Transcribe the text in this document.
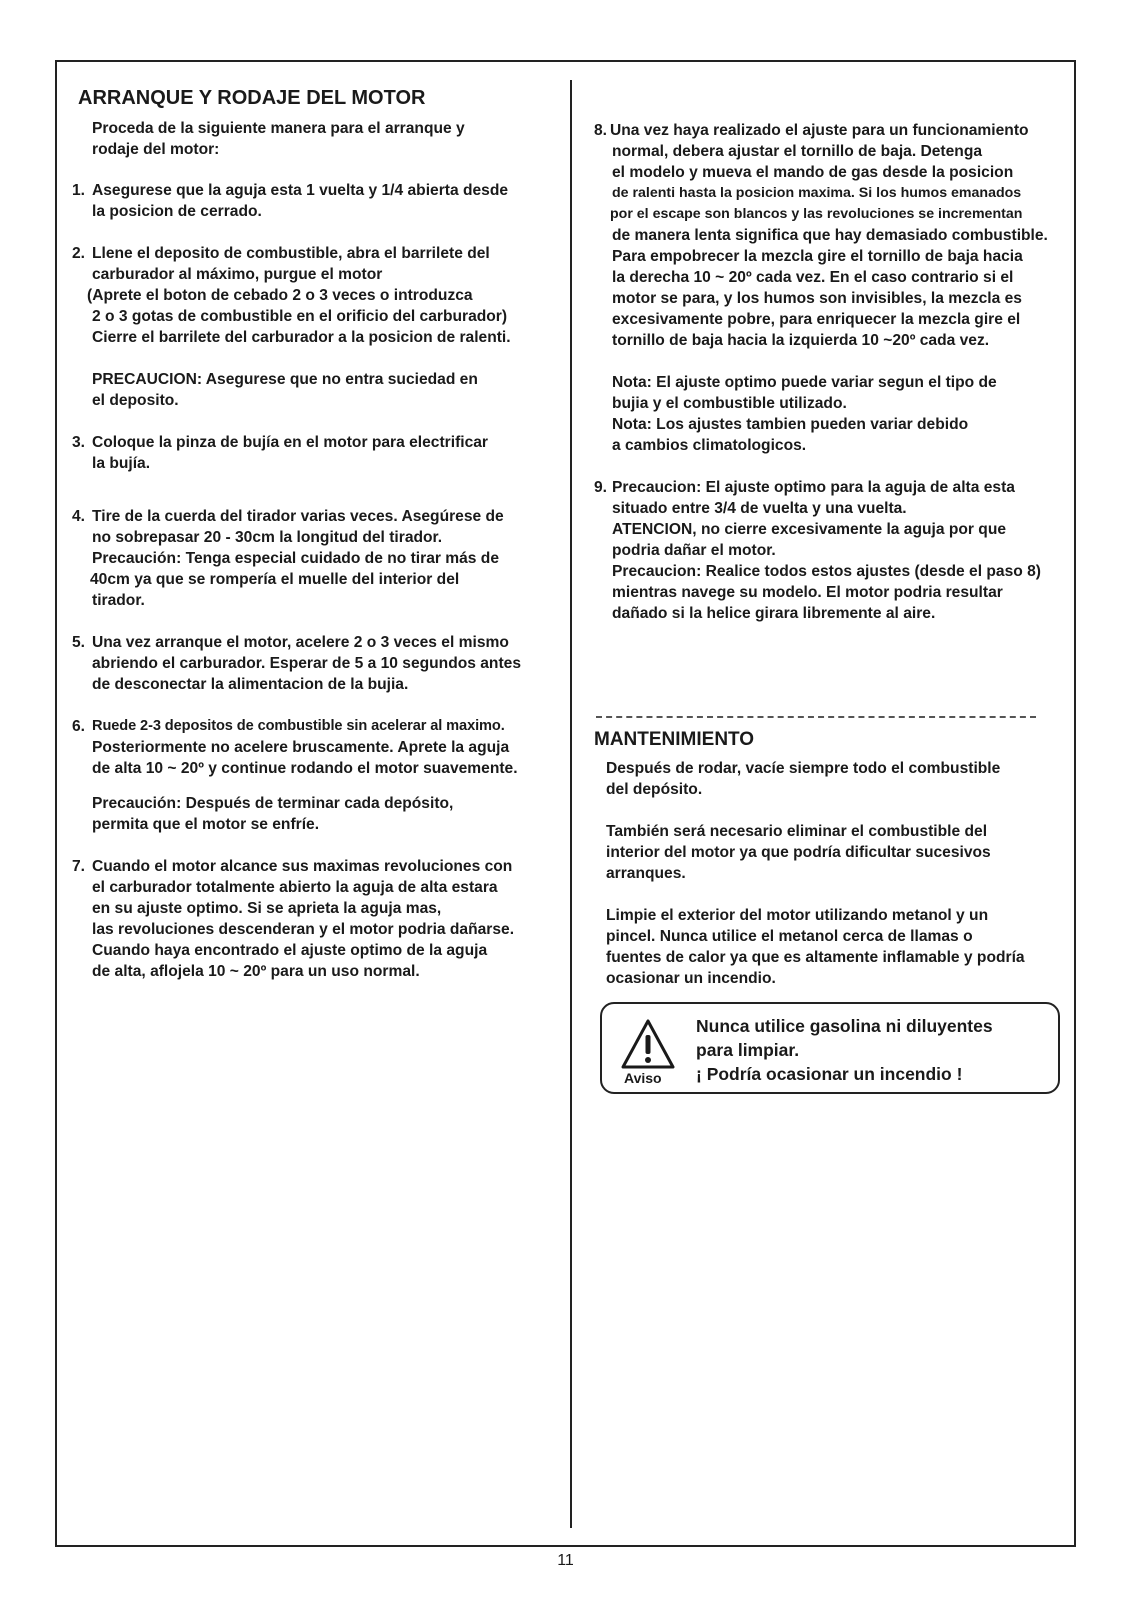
ARRANQUE Y RODAJE DEL MOTOR

Proceda de la siguiente manera para el arranque y

rodaje del motor:

1. Asegurese que la aguja esta 1 vuelta y 1/4 abierta desde

la posicion de cerrado.

2. Llene el deposito de combustible, abra el barrilete del

carburador al máximo, purgue el motor

(Aprete el boton de cebado 2 o 3 veces o introduzca

2 o 3 gotas de combustible en el orificio del carburador)

Cierre el barrilete del carburador a la posicion de ralenti.

PRECAUCION: Asegurese que no entra suciedad en

el deposito.

3. Coloque la pinza de bujía en el motor para electrificar

la bujía.

4. Tire de la cuerda del tirador varias veces. Asegúrese de

no sobrepasar 20 - 30cm la longitud del tirador.

Precaución: Tenga especial cuidado de no tirar más de

40cm ya que se rompería el muelle del interior del

tirador.

5. Una vez arranque el motor, acelere 2 o 3 veces el mismo

abriendo el carburador. Esperar de 5 a 10 segundos antes

de desconectar la alimentacion de la bujia.

6. Ruede 2-3 depositos de combustible sin acelerar al maximo.

Posteriormente no acelere bruscamente. Aprete la aguja

de alta 10 ~ 20º y continue rodando el motor suavemente.

Precaución: Después de terminar cada depósito,

permita que el motor se enfríe.

7. Cuando el motor alcance sus maximas revoluciones con

el carburador totalmente abierto la aguja de alta estara

en su ajuste optimo. Si se aprieta la aguja mas,

las revoluciones descenderan y el motor podria dañarse.

Cuando haya encontrado el ajuste optimo de la aguja

de alta, aflojela 10 ~ 20º para un uso normal.

8. Una vez haya realizado el ajuste para un funcionamiento

normal, debera ajustar el tornillo de baja. Detenga

el modelo y mueva el mando de gas desde la posicion

de ralenti hasta la posicion maxima. Si los humos emanados

por el escape son blancos y las revoluciones se incrementan

de manera lenta significa que hay demasiado combustible.

Para empobrecer la mezcla gire el tornillo de baja hacia

la derecha 10 ~ 20º cada vez. En el caso contrario si el

motor se para, y los humos son invisibles, la mezcla es

excesivamente pobre, para enriquecer la mezcla gire el

tornillo de baja hacia la izquierda 10 ~20º cada vez.

Nota: El ajuste optimo puede variar segun el tipo de

bujia y el combustible utilizado.

Nota: Los ajustes tambien pueden variar debido

a cambios climatologicos.

9. Precaucion: El ajuste optimo para la aguja de alta esta

situado entre 3/4 de vuelta y una vuelta.

ATENCION, no cierre excesivamente la aguja por que

podria dañar el motor.

Precaucion: Realice todos estos ajustes (desde el paso 8)

mientras navege su modelo. El motor podria resultar

dañado si la helice girara libremente al aire.

MANTENIMIENTO

Después de rodar, vacíe siempre todo el combustible
del depósito.

También será necesario eliminar el combustible del
interior del motor ya que podría dificultar sucesivos
arranques.

Limpie el exterior del motor utilizando metanol y un
pincel. Nunca utilice el metanol cerca de llamas o
fuentes de calor ya que es altamente inflamable y podría
ocasionar un incendio.

Aviso

Nunca utilice gasolina ni diluyentes

para limpiar.

¡ Podría ocasionar un incendio !

11
